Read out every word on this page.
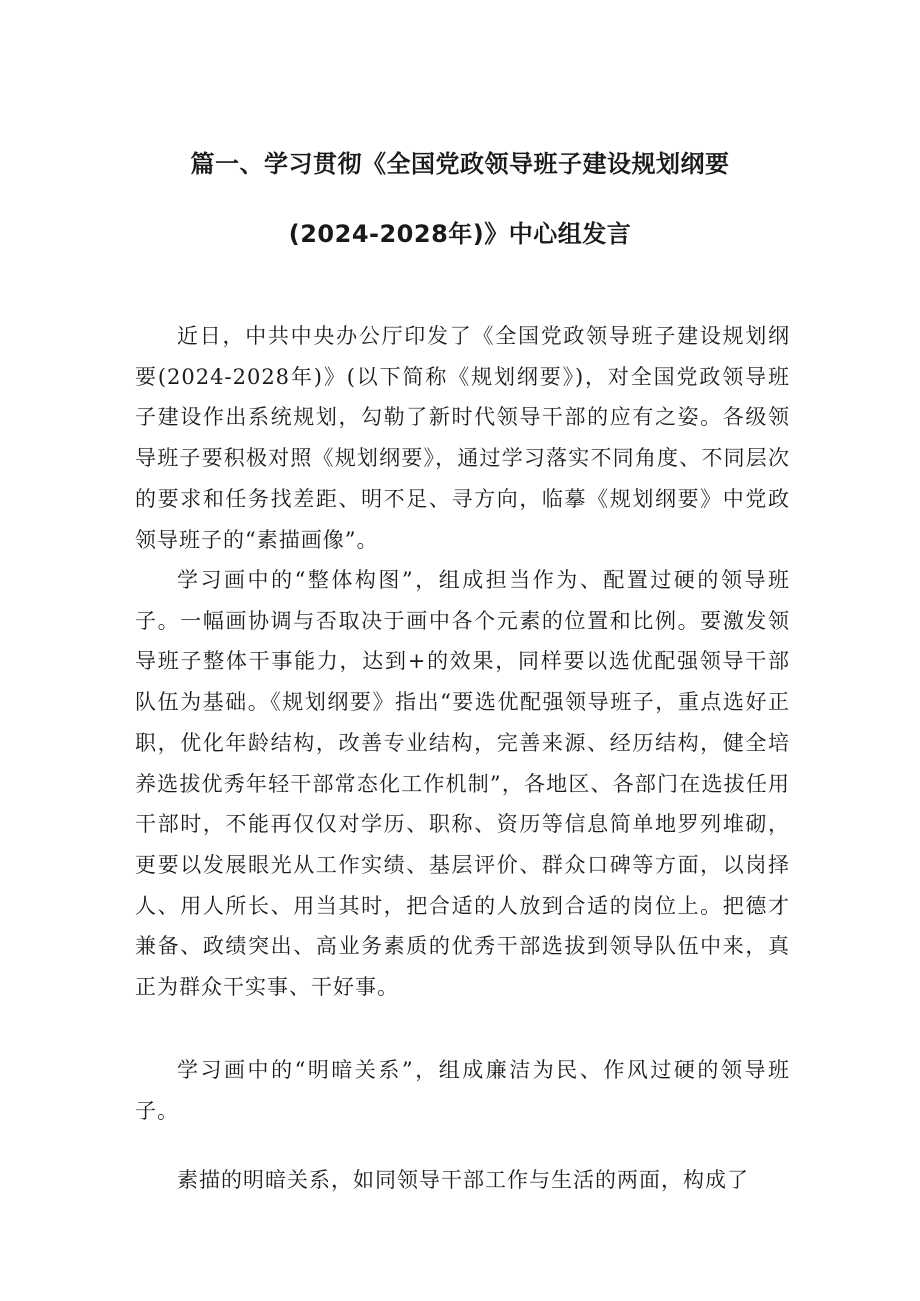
篇一、学习贯彻《全国党政领导班子建设规划纲要
(2024-2028年)》中心组发言

近日，中共中央办公厅印发了《全国党政领导班子建设规划纲要(2024-2028年)》(以下简称《规划纲要》)，对全国党政领导班子建设作出系统规划，勾勒了新时代领导干部的应有之姿。各级领导班子要积极对照《规划纲要》，通过学习落实不同角度、不同层次的要求和任务找差距、明不足、寻方向，临摹《规划纲要》中党政领导班子的“素描画像”。

学习画中的“整体构图”，组成担当作为、配置过硬的领导班子。一幅画协调与否取决于画中各个元素的位置和比例。要激发领导班子整体干事能力，达到+的效果，同样要以选优配强领导干部队伍为基础。《规划纲要》指出“要选优配强领导班子，重点选好正职，优化年龄结构，改善专业结构，完善来源、经历结构，健全培养选拔优秀年轻干部常态化工作机制”，各地区、各部门在选拔任用干部时，不能再仅仅对学历、职称、资历等信息简单地罗列堆砌，更要以发展眼光从工作实绩、基层评价、群众口碑等方面，以岗择人、用人所长、用当其时，把合适的人放到合适的岗位上。把德才兼备、政绩突出、高业务素质的优秀干部选拔到领导队伍中来，真正为群众干实事、干好事。

学习画中的“明暗关系”，组成廉洁为民、作风过硬的领导班子。

素描的明暗关系，如同领导干部工作与生活的两面，构成了
